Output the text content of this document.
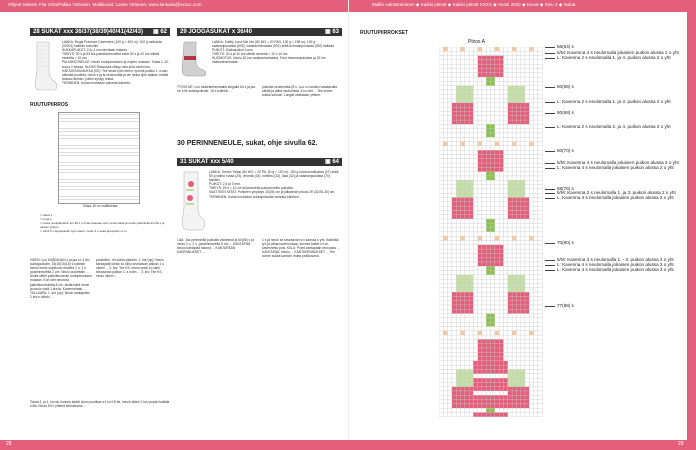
Ohjeet tekeesi Piia Virta/Pakka Yahvarin. Mallikuvat: Lasse Virtanen, www.lankaka@xxxxx.com	Mallin valmistaminen ◆ Kaikki päivät ◆ Kaikki päivät XXXX ◆ Vuosi 2022 ◆ Kuvat ◆ Sivu 2 ◆ Sukat
28 SUKAT xxx 36/37(38/39)40/41(42/43) ▣ 62
LANKA: Regia Premium Cashmere (100 g = 400 m): 100 g valkoista (00001) kaikkiin kokoihin.
SUKKAPUIKOT: 2,5–3 mm tarvitaan malaan.
TIHEYS: 30 s ja 53 krs palmikkoneuletta sekä 30 s ja 42 krs sileää neuletta = 10 cm.
PALMIKKONEULE: Neulo ruutupiirroksen ja ohjeen mukaan. Toista 1–40 krs:ta 2 kertaa. HUOM! Raavussa näkyy vain joka toinen krs.
KAKSOISSILMUKKA (KS): Tee tavka työn eteen, työnnä puikko 1. s:aan oikealta puolelta, neulo s ja ts neulomatta ja vie lanka työn taakse, kiristä lankaa hieman, jolloin syntyy rekkä.
TERMINEN: Sukat neulotaan varresta kärkeen.
RUUTUPIIRROS
Toista 16 on mallikertaa
= oikea s
= nurja s
= nosta puolipalmikon krs:ltä 1 s ilman kaavaa nurin neulomatta ja neulo palmikolla krs:ltä s ja oikean yhteen
= siirrä 6 s apupuikolle työn eteen, neulo 3 o sekä apupuikon s:t o
VARSI: Luo 60(60/64)64 s ja jaa s:t 4 ilm sukkapuikolle, 15(15)16(16) s kullekin. Neulo ensin sopiltuna neuletta 1 o, 1 n joustinneuletta 2 cm. Neulo puolettain ... Aloita sitten palmikkoneule ruutupiirroksen mukaan. Kun olet neulonut palmikkoneuletta 8 cm, aloita sileä neule ja neulo vielä 1 krs:ta. Kavennetaan ... TALLAAPA: 1. krs (op): Neulo kantapään 2 krs:n oikein ...
puolellein, ref sivilla ylipiddn. 1. krs (op): Neulo kantapään keski s:t siksi seuraavan palkon 1 s oikein ... 2. krs: Tee KS, neulo keski s:t siksi seuraavan palkon 1. s nurin ... 3. krs: Tee KS, neulo oikein ...
Toista 3. ja 4. krs:ta, kunnes kaikki sivun puolikas s:t on KS:ita. Neulo sitten 2 krs ympäri kaikilla s:illä. Neulo KS:t yhtenä silmukkana ...
29 JOOGASUKAT x 36/40	▣ 63
LANKA: Sublty Luna Mix Ute (80 MO = 20 PAN, 100 g = 198 m): 100 g vaaleanpunaista (605), vaaleanharmaata (902) sekä tummanpunaista (952) kaikkiin.
PUIKOT: Sukkapuikot 3 mm.
TIHEYS: 30 s ja 42 krs sileää neuletta = 10 x 10 cm.
HUOMOTUS: Neulo 32 krs vaaleanharmaata, 5 krs tummanpunaista ja 32 krs vaaleanharmaata.
TYÖOHJE: Luo vaaleanharmaalla langalla 64 s ja jaa ne 4:lle sukkapuikolle, 16 s kullekin ...
puikolla neulomatta (8 s. Luo s:t uusiksi vastaavalla värillä ja jatka neulomista. Kun olet ... Tee toinen sukka samoin. Langat vastataan yhteen.
30 PERINNENEULE, sukat, ohje sivulla 62.
31 SUKAT xxx 5/40	▣ 64
LANKA: Teeton Yoltac (80 WO = 20 PA, 50 g = 130 m): 150 g luonnonvalkoista (07) sekä 50 g vaihto rosaa (25), vihreää (34), meillinu (32), lilaa (32) ja vaaleanpunaista (70) kaikkiin.
PUIKOT: 2,5 ja 3 mm.
TIHEYS: 25 s = 10 cm kirjoneuletta pakuunneilla puikoilla.
VAATTEEN MITAT: Pohkeen ympärys 33(35) cm ja jalkaterän pituus 25 (22/28-30) cm.
TERMINEN: Sukat neulotaan sukkapuikoilla varresta kärkeen.
LAA: Jos perinneillä puikoilla vaikeimat ja 60(66) s ja neulo 2 o, 2 n -joustinneuletta 5 cm ... KANTAPÄÄ: Neulo kantapää tasona ... KANTAPÄÄN KAVENNUKSET ...
1 s ja neulo se seuraavan s:n kanssa o yht. Kääntää työ ja pillaa kavennuksia, kunnes kaikki s:t on kavennettu pois. KIILA: Poimi kantapään reunoista ... KANTAPÄÄ: Neulo ... KANTAVENNUKSET ... Tee toinen sukka samoin mutta peilikuvana.
RUUTUPIIRROKSET
Piiros A
56(64) s
5/M: Kavenna 4 s neulomalla jokaisen puikon alussa 2 o yht
L: Kavenna 2 s neulomalla 1. ja 4. puikon alussa 2 o yht
60(66) s
L: Kavenna 2 s neulomalla 1. ja 3. puikon alussa 2 o yht
60(68) s
L: Kavenna 2 s neulomalla 2. ja 4. puikon alussa 2 o yht
60(70) s
5/M: Kavenna 4 s neulomalla jokaisen puikon alussa 2 o yht
L: Kavenna 4 s neulomalla jokaisen puikon alussa 2 o yht
68(76) s
5/M: Kavenna 2 s neulomalla 1. ja 3. puikon alussa 2 o yht
L: Kavenna 4 s neulomalla jokaisen puikon alussa 2 o yht
70(80) s
5/M: Kavenna 3 s neulomalla 1. - 3. puikon alussa 2 o yht
L: Kavenna 4 s neulomalla jokaisen puikon alussa 2 o yht
L: Kavenna 4 s neulomalla jokaisen puikon alussa 2 o yht
77(88) s
28	29
